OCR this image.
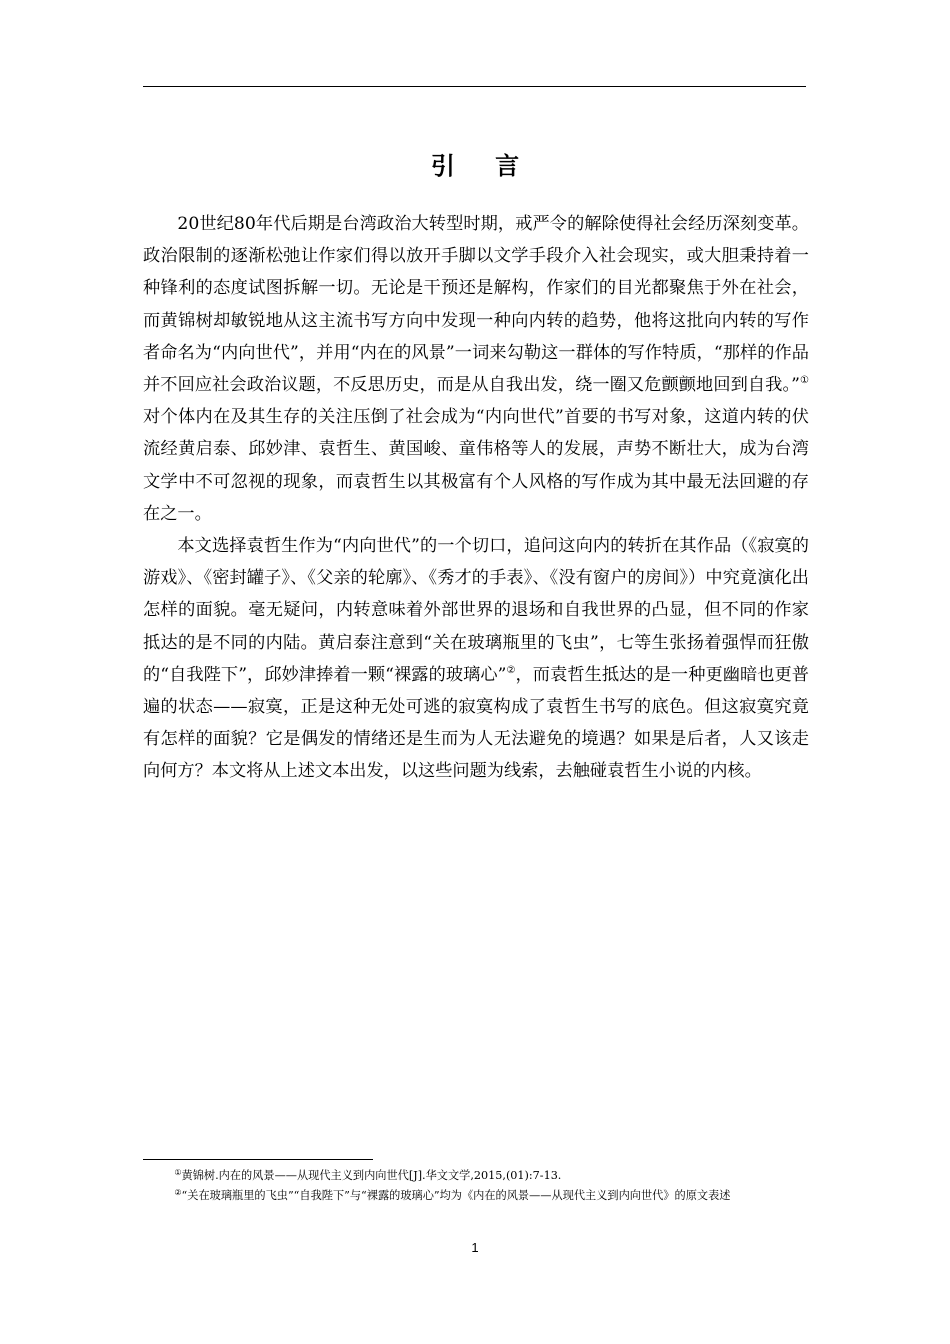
引 言

20世纪80年代后期是台湾政治大转型时期，戒严令的解除使得社会经历深刻变革。政治限制的逐渐松弛让作家们得以放开手脚以文学手段介入社会现实，或大胆秉持着一种锋利的态度试图拆解一切。无论是干预还是解构，作家们的目光都聚焦于外在社会，而黄锦树却敏锐地从这主流书写方向中发现一种向内转的趋势，他将这批向内转的写作者命名为“内向世代”，并用“内在的风景”一词来勾勒这一群体的写作特质，“那样的作品并不回应社会政治议题，不反思历史，而是从自我出发，绕一圈又危颤颤地回到自我。”①对个体内在及其生存的关注压倒了社会成为“内向世代”首要的书写对象，这道内转的伏流经黄启泰、邱妙津、袁哲生、黄国峻、童伟格等人的发展，声势不断壮大，成为台湾文学中不可忽视的现象，而袁哲生以其极富有个人风格的写作成为其中最无法回避的存在之一。

本文选择袁哲生作为“内向世代”的一个切口，追问这向内的转折在其作品（《寂寞的游戏》、《密封罐子》、《父亲的轮廓》、《秀才的手表》、《没有窗户的房间》）中究竟演化出怎样的面貌。毫无疑问，内转意味着外部世界的退场和自我世界的凸显，但不同的作家抵达的是不同的内陆。黄启泰注意到“关在玻璃瓶里的飞虫”，七等生张扬着强悍而狂傲的“自我陛下”，邱妙津捧着一颗“裸露的玻璃心”②，而袁哲生抵达的是一种更幽暗也更普遍的状态——寂寞，正是这种无处可逃的寂寞构成了袁哲生书写的底色。但这寂寞究竟有怎样的面貌？它是偶发的情绪还是生而为人无法避免的境遇？如果是后者，人又该走向何方？本文将从上述文本出发，以这些问题为线索，去触碰袁哲生小说的内核。

①黄锦树.内在的风景——从现代主义到内向世代[J].华文文学,2015,(01):7-13.

②“关在玻璃瓶里的飞虫”“自我陛下”与“裸露的玻璃心”均为《内在的风景——从现代主义到内向世代》的原文表述

1
